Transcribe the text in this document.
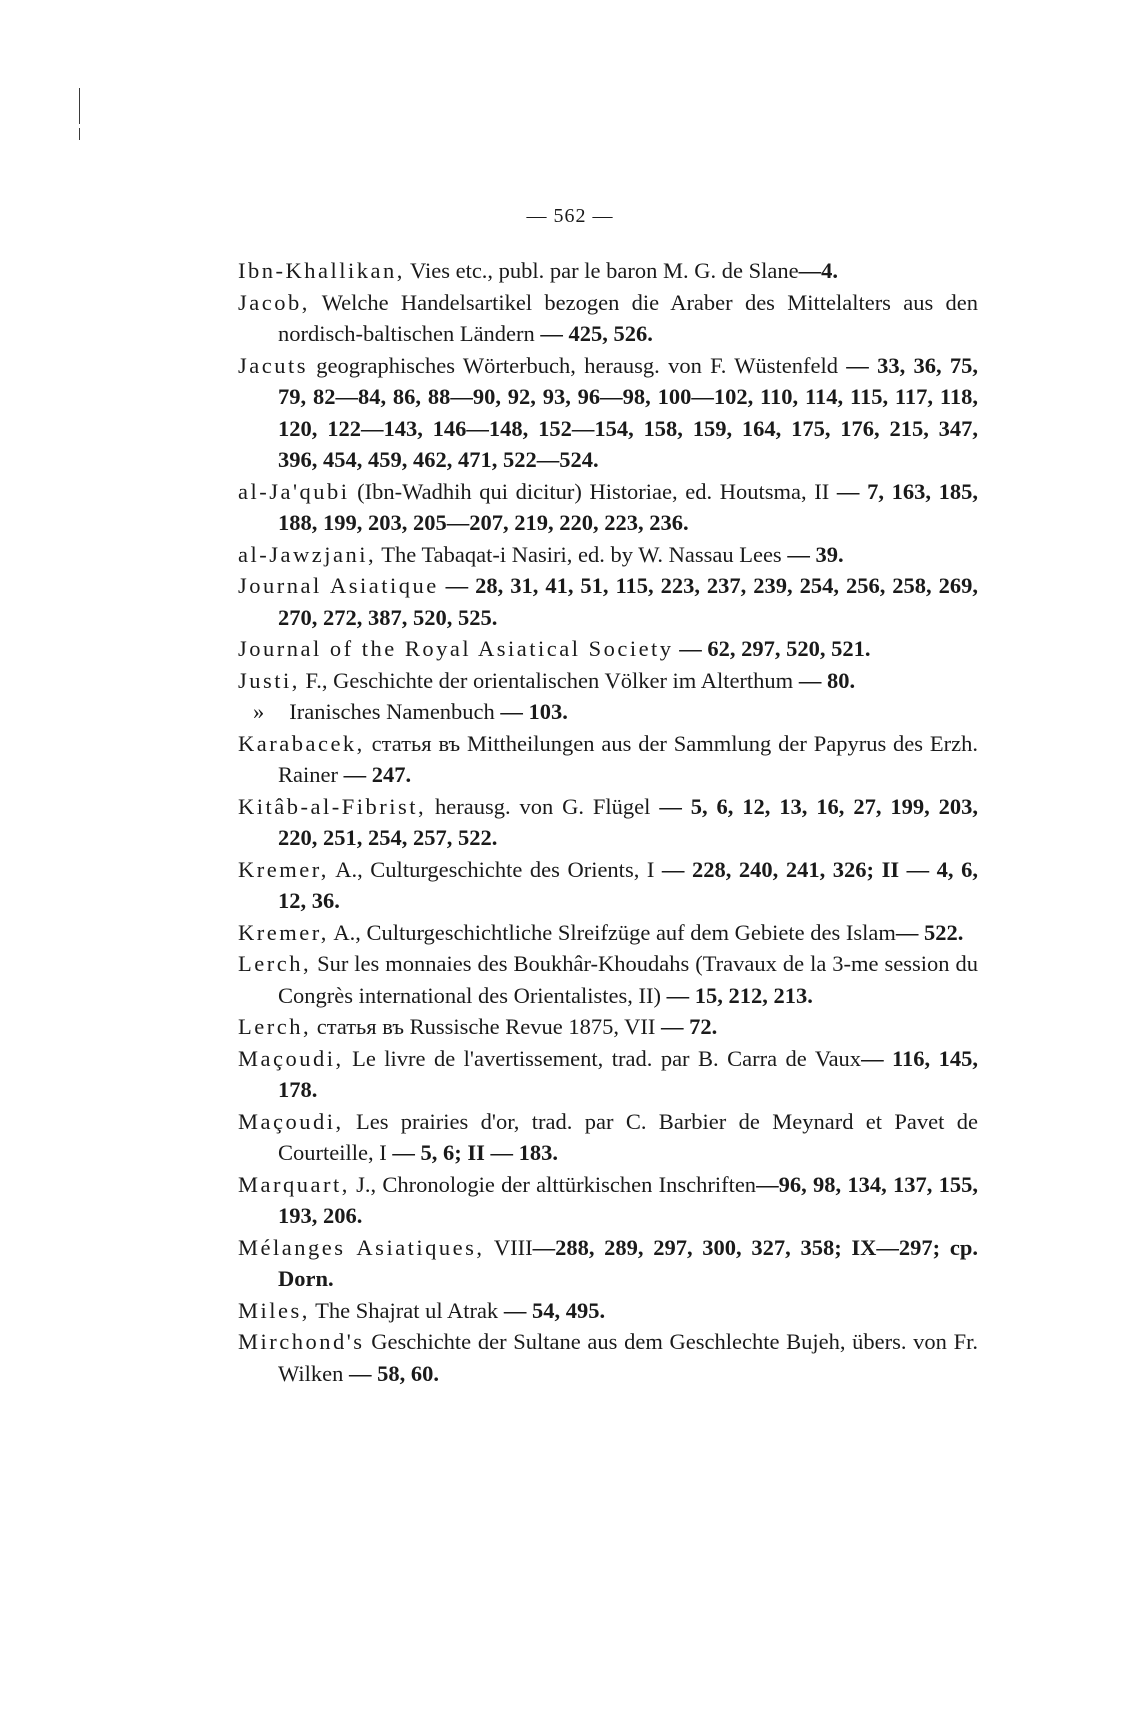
— 562 —

Ibn-Khallikan, Vies etc., publ. par le baron M. G. de Slane—4.

Jacob, Welche Handelsartikel bezogen die Araber des Mittelalters aus den nordisch-baltischen Ländern — 425, 526.

Jacuts geographisches Wörterbuch, herausg. von F. Wüstenfeld — 33, 36, 75, 79, 82—84, 86, 88—90, 92, 93, 96—98, 100—102, 110, 114, 115, 117, 118, 120, 122—143, 146—148, 152—154, 158, 159, 164, 175, 176, 215, 347, 396, 454, 459, 462, 471, 522—524.

al-Ja'qubi (Ibn-Wadhih qui dicitur) Historiae, ed. Houtsma, II — 7, 163, 185, 188, 199, 203, 205—207, 219, 220, 223, 236.

al-Jawzjani, The Tabaqat-i Nasiri, ed. by W. Nassau Lees — 39.

Journal Asiatique — 28, 31, 41, 51, 115, 223, 237, 239, 254, 256, 258, 269, 270, 272, 387, 520, 525.

Journal of the Royal Asiatical Society — 62, 297, 520, 521.

Justi, F., Geschichte der orientalischen Völker im Alterthum — 80.

»    Iranisches Namenbuch — 103.

Karabacek, статья въ Mittheilungen aus der Sammlung der Papyrus des Erzh. Rainer — 247.

Kitâb-al-Fibrist, herausg. von G. Flügel — 5, 6, 12, 13, 16, 27, 199, 203, 220, 251, 254, 257, 522.

Kremer, A., Culturgeschichte des Orients, I — 228, 240, 241, 326; II — 4, 6, 12, 36.

Kremer, A., Culturgeschichtliche Slreifzüge auf dem Gebiete des Islam— 522.

Lerch, Sur les monnaies des Boukhâr-Khoudahs (Travaux de la 3-me session du Congrès international des Orientalistes, II) — 15, 212, 213.

Lerch, статья въ Russische Revue 1875, VII — 72.

Maçoudi, Le livre de l'avertissement, trad. par B. Carra de Vaux— 116, 145, 178.

Maçoudi, Les prairies d'or, trad. par C. Barbier de Meynard et Pavet de Courteille, I — 5, 6; II — 183.

Marquart, J., Chronologie der alttürkischen Inschriften—96, 98, 134, 137, 155, 193, 206.

Mélanges Asiatiques, VIII—288, 289, 297, 300, 327, 358; IX—297; cp. Dorn.

Miles, The Shajrat ul Atrak — 54, 495.

Mirchond's Geschichte der Sultane aus dem Geschlechte Bujeh, übers. von Fr. Wilken — 58, 60.
